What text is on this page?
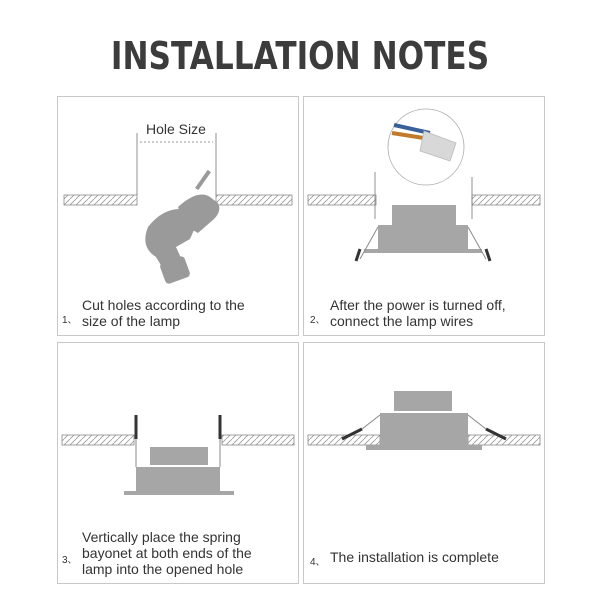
INSTALLATION NOTES
Hole Size
1、
Cut holes according to the
size of the lamp	2、
After the power is turned off,
connect the lamp wires
3、
Vertically place the spring
bayonet at both ends of the
lamp into the opened hole	4、 The installation is complete
